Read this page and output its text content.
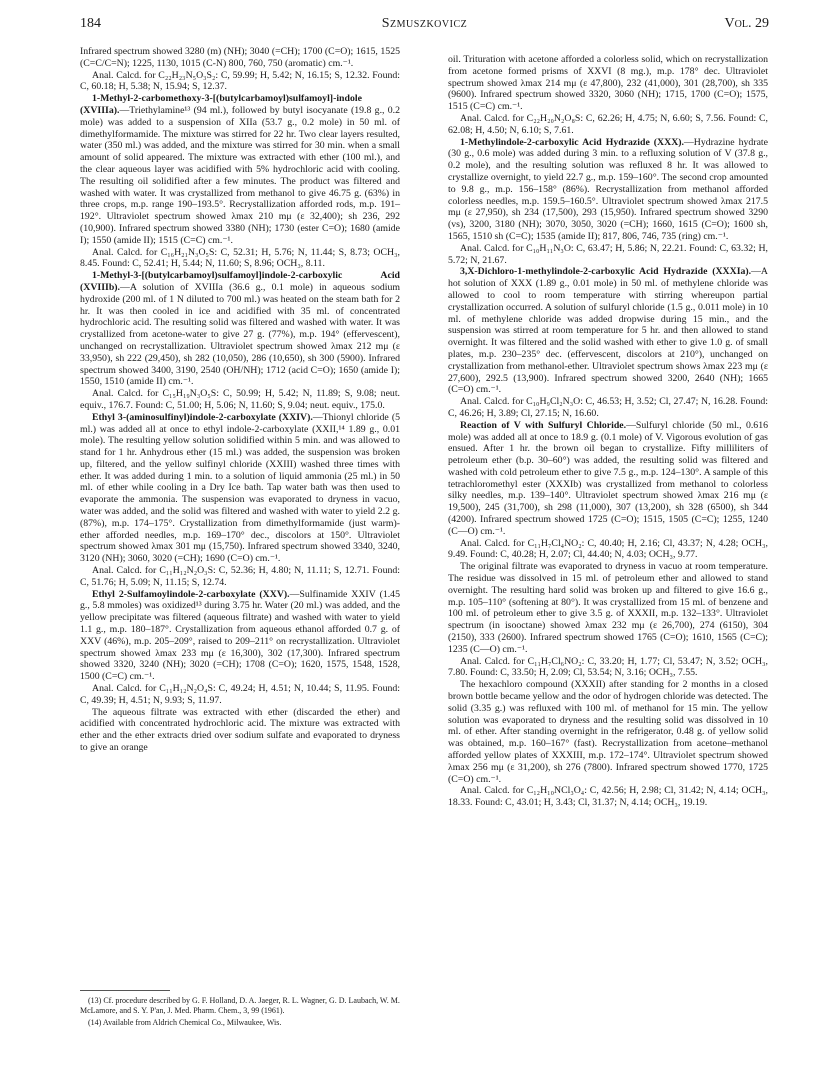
184	Szmuszkovicz	Vol. 29

Infrared spectrum showed 3280 (m) (NH); 3040 (=CH); 1700 (C=O); 1615, 1525 (C=C/C=N); 1225, 1130, 1015 (C-N) 800, 760, 750 (aromatic) cm.⁻¹.

Anal. Calcd. for C₂₂H₂₃N₅O₃S₂: C, 59.99; H, 5.42; N, 16.15; S, 12.32. Found: C, 60.18; H, 5.38; N, 15.94; S, 12.37.

1-Methyl-2-carbomethoxy-3-[(butylcarbamoyl)sulfamoyl]-indole (XVIIIa).—Triethylamine¹³ (94 ml.), followed by butyl isocyanate (19.8 g., 0.2 mole) was added to a suspension of XIIa (53.7 g., 0.2 mole) in 50 ml. of dimethylformamide. The mixture was stirred for 22 hr. Two clear layers resulted, water (350 ml.) was added, and the mixture was stirred for 30 min. when a small amount of solid appeared. The mixture was extracted with ether (100 ml.), and the clear aqueous layer was acidified with 5% hydrochloric acid with cooling. The resulting oil solidified after a few minutes. The product was filtered and washed with water. It was crystallized from methanol to give 46.75 g. (63%) in three crops, m.p. range 190–193.5°. Recrystallization afforded rods, m.p. 191–192°. Ultraviolet spectrum showed λmax 210 mμ (ε 32,400); sh 236, 292 (10,900). Infrared spectrum showed 3380 (NH); 1730 (ester C=O); 1680 (amide I); 1550 (amide II); 1515 (C=C) cm.⁻¹.

Anal. Calcd. for C₁₆H₂₁N₃O₅S: C, 52.31; H, 5.76; N, 11.44; S, 8.73; OCH₃, 8.45. Found: C, 52.41; H, 5.44; N, 11.60; S, 8.96; OCH₃, 8.11.

1-Methyl-3-[(butylcarbamoyl)sulfamoyl]indole-2-carboxylic Acid (XVIIIb).—A solution of XVIIIa (36.6 g., 0.1 mole) in aqueous sodium hydroxide (200 ml. of 1 N diluted to 700 ml.) was heated on the steam bath for 2 hr. It was then cooled in ice and acidified with 35 ml. of concentrated hydrochloric acid. The resulting solid was filtered and washed with water. It was crystallized from acetone-water to give 27 g. (77%), m.p. 194° (effervescent), unchanged on recrystallization. Ultraviolet spectrum showed λmax 212 mμ (ε 33,950), sh 222 (29,450), sh 282 (10,050), 286 (10,650), sh 300 (5900). Infrared spectrum showed 3400, 3190, 2540 (OH/NH); 1712 (acid C=O); 1650 (amide I); 1550, 1510 (amide II) cm.⁻¹.

Anal. Calcd. for C₁₅H₁₉N₃O₅S: C, 50.99; H, 5.42; N, 11.89; S, 9.08; neut. equiv., 176.7. Found: C, 51.00; H, 5.06; N, 11.60; S, 9.04; neut. equiv., 175.0.

Ethyl 3-(aminosulfinyl)indole-2-carboxylate (XXIV).—Thionyl chloride (5 ml.) was added all at once to ethyl indole-2-carboxylate (XXII,¹⁴ 1.89 g., 0.01 mole). The resulting yellow solution solidified within 5 min. and was allowed to stand for 1 hr. Anhydrous ether (15 ml.) was added, the suspension was broken up, filtered, and the yellow sulfinyl chloride (XXIII) washed three times with ether. It was added during 1 min. to a solution of liquid ammonia (25 ml.) in 50 ml. of ether while cooling in a Dry Ice bath. Tap water bath was then used to evaporate the ammonia. The suspension was evaporated to dryness in vacuo, water was added, and the solid was filtered and washed with water to yield 2.2 g. (87%), m.p. 174–175°. Crystallization from dimethylformamide (just warm)-ether afforded needles, m.p. 169–170° dec., discolors at 150°. Ultraviolet spectrum showed λmax 301 mμ (15,750). Infrared spectrum showed 3340, 3240, 3120 (NH); 3060, 3020 (=CH); 1690 (C=O) cm.⁻¹.

Anal. Calcd. for C₁₁H₁₂N₂O₃S: C, 52.36; H, 4.80; N, 11.11; S, 12.71. Found: C, 51.76; H, 5.09; N, 11.15; S, 12.74.

Ethyl 2-Sulfamoylindole-2-carboxylate (XXV).—Sulfinamide XXIV (1.45 g., 5.8 mmoles) was oxidized¹³ during 3.75 hr. Water (20 ml.) was added, and the yellow precipitate was filtered (aqueous filtrate) and washed with water to yield 1.1 g., m.p. 180–187°. Crystallization from aqueous ethanol afforded 0.7 g. of XXV (46%), m.p. 205–209°, raised to 209–211° on recrystallization. Ultraviolet spectrum showed λmax 233 mμ (ε 16,300), 302 (17,300). Infrared spectrum showed 3320, 3240 (NH); 3020 (=CH); 1708 (C=O); 1620, 1575, 1548, 1528, 1500 (C=C) cm.⁻¹.

Anal. Calcd. for C₁₁H₁₂N₂O₄S: C, 49.24; H, 4.51; N, 10.44; S, 11.95. Found: C, 49.39; H, 4.51; N, 9.93; S, 11.97.

The aqueous filtrate was extracted with ether (discarded the ether) and acidified with concentrated hydrochloric acid. The mixture was extracted with ether and the ether extracts dried over sodium sulfate and evaporated to dryness to give an orange

oil. Trituration with acetone afforded a colorless solid, which on recrystallization from acetone formed prisms of XXVI (8 mg.), m.p. 178° dec. Ultraviolet spectrum showed λmax 214 mμ (ε 47,800), 232 (41,000), 301 (28,700), sh 335 (9600). Infrared spectrum showed 3320, 3060 (NH); 1715, 1700 (C=O); 1575, 1515 (C=C) cm.⁻¹.

Anal. Calcd. for C₂₂H₂₀N₂O₈S: C, 62.26; H, 4.75; N, 6.60; S, 7.56. Found: C, 62.08; H, 4.50; N, 6.10; S, 7.61.

1-Methylindole-2-carboxylic Acid Hydrazide (XXX).—Hydrazine hydrate (30 g., 0.6 mole) was added during 3 min. to a refluxing solution of V (37.8 g., 0.2 mole), and the resulting solution was refluxed 8 hr. It was allowed to crystallize overnight, to yield 22.7 g., m.p. 159–160°. The second crop amounted to 9.8 g., m.p. 156–158° (86%). Recrystallization from methanol afforded colorless needles, m.p. 159.5–160.5°. Ultraviolet spectrum showed λmax 217.5 mμ (ε 27,950), sh 234 (17,500), 293 (15,950). Infrared spectrum showed 3290 (vs), 3200, 3180 (NH); 3070, 3050, 3020 (=CH); 1660, 1615 (C=O); 1600 sh, 1565, 1510 sh (C=C); 1535 (amide II); 817, 806, 746, 735 (ring) cm.⁻¹.

Anal. Calcd. for C₁₀H₁₁N₃O: C, 63.47; H, 5.86; N, 22.21. Found: C, 63.32; H, 5.72; N, 21.67.

3,X-Dichloro-1-methylindole-2-carboxylic Acid Hydrazide (XXXIa).—A hot solution of XXX (1.89 g., 0.01 mole) in 50 ml. of methylene chloride was allowed to cool to room temperature with stirring whereupon partial crystallization occurred. A solution of sulfuryl chloride (1.5 g., 0.011 mole) in 10 ml. of methylene chloride was added dropwise during 15 min., and the suspension was stirred at room temperature for 5 hr. and then allowed to stand overnight. It was filtered and the solid washed with ether to give 1.0 g. of small plates, m.p. 230–235° dec. (effervescent, discolors at 210°), unchanged on crystallization from methanol-ether. Ultraviolet spectrum shows λmax 223 mμ (ε 27,600), 292.5 (13,900). Infrared spectrum showed 3200, 2640 (NH); 1665 (C=O) cm.⁻¹.

Anal. Calcd. for C₁₀H₉Cl₂N₃O: C, 46.53; H, 3.52; Cl, 27.47; N, 16.28. Found: C, 46.26; H, 3.89; Cl, 27.15; N, 16.60.

Reaction of V with Sulfuryl Chloride.—Sulfuryl chloride (50 ml., 0.616 mole) was added all at once to 18.9 g. (0.1 mole) of V. Vigorous evolution of gas ensued. After 1 hr. the brown oil began to crystallize. Fifty milliliters of petroleum ether (b.p. 30–60°) was added, the resulting solid was filtered and washed with cold petroleum ether to give 7.5 g., m.p. 124–130°. A sample of this tetrachloromethyl ester (XXXIb) was crystallized from methanol to colorless silky needles, m.p. 139–140°. Ultraviolet spectrum showed λmax 216 mμ (ε 19,500), 245 (31,700), sh 298 (11,000), 307 (13,200), sh 328 (6500), sh 344 (4200). Infrared spectrum showed 1725 (C=O); 1515, 1505 (C=C); 1255, 1240 (C—O) cm.⁻¹.

Anal. Calcd. for C₁₁H₇Cl₄NO₂: C, 40.40; H, 2.16; Cl, 43.37; N, 4.28; OCH₃, 9.49. Found: C, 40.28; H, 2.07; Cl, 44.40; N, 4.03; OCH₃, 9.77.

The original filtrate was evaporated to dryness in vacuo at room temperature. The residue was dissolved in 15 ml. of petroleum ether and allowed to stand overnight. The resulting hard solid was broken up and filtered to give 16.6 g., m.p. 105–110° (softening at 80°). It was crystallized from 15 ml. of benzene and 100 ml. of petroleum ether to give 3.5 g. of XXXII, m.p. 132–133°. Ultraviolet spectrum (in isooctane) showed λmax 232 mμ (ε 26,700), 274 (6150), 304 (2150), 333 (2600). Infrared spectrum showed 1765 (C=O); 1610, 1565 (C=C); 1235 (C—O) cm.⁻¹.

Anal. Calcd. for C₁₁H₇Cl₆NO₂: C, 33.20; H, 1.77; Cl, 53.47; N, 3.52; OCH₃, 7.80. Found: C, 33.50; H, 2.09; Cl, 53.54; N, 3.16; OCH₃, 7.55.

The hexachloro compound (XXXII) after standing for 2 months in a closed brown bottle became yellow and the odor of hydrogen chloride was detected. The solid (3.35 g.) was refluxed with 100 ml. of methanol for 15 min. The yellow solution was evaporated to dryness and the resulting solid was dissolved in 10 ml. of ether. After standing overnight in the refrigerator, 0.48 g. of yellow solid was obtained, m.p. 160–167° (fast). Recrystallization from acetone–methanol afforded yellow plates of XXXIII, m.p. 172–174°. Ultraviolet spectrum showed λmax 256 mμ (ε 31,200), sh 276 (7800). Infrared spectrum showed 1770, 1725 (C=O) cm.⁻¹.

Anal. Calcd. for C₁₂H₁₀NCl₃O₄: C, 42.56; H, 2.98; Cl, 31.42; N, 4.14; OCH₃, 18.33. Found: C, 43.01; H, 3.43; Cl, 31.37; N, 4.14; OCH₃, 19.19.

(13) Cf. procedure described by G. F. Holland, D. A. Jaeger, R. L. Wagner, G. D. Laubach, W. M. McLamore, and S. Y. P'an, J. Med. Pharm. Chem., 3, 99 (1961).

(14) Available from Aldrich Chemical Co., Milwaukee, Wis.
